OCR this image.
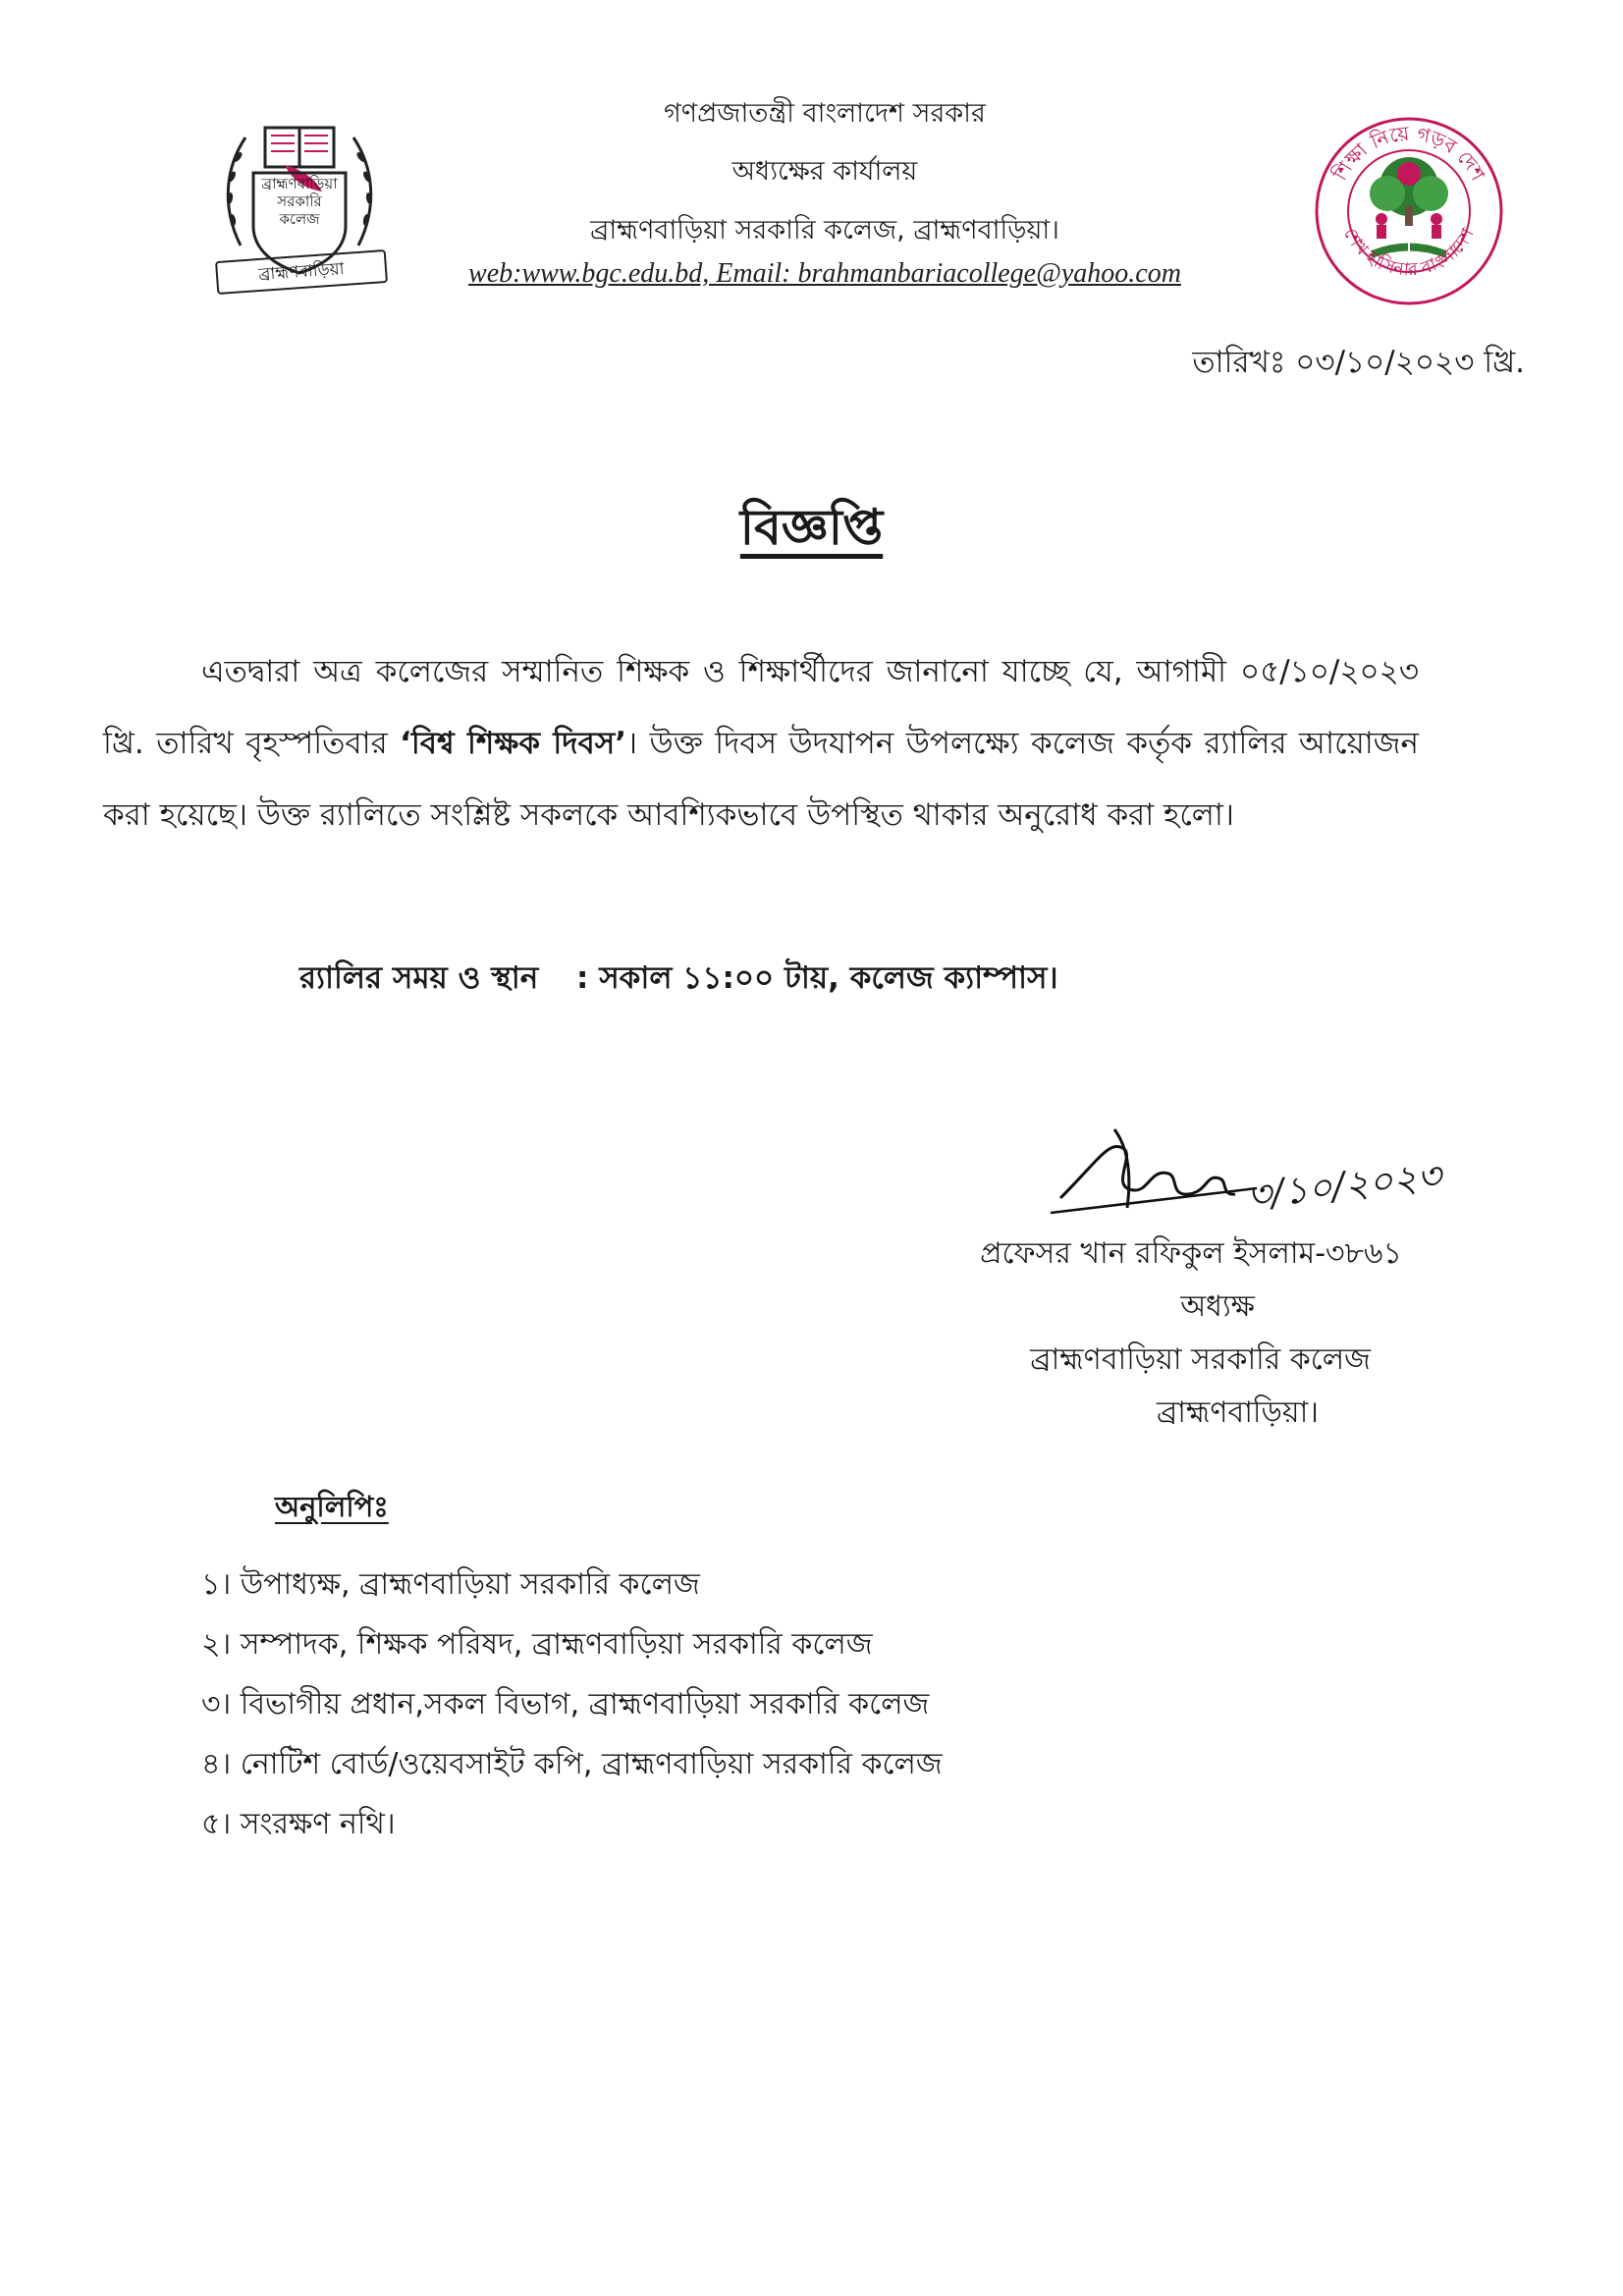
ব্রাহ্মণবাড়িয়া
সরকারি
কলেজ
ব্রাহ্মণবাড়িয়া
শিক্ষা নিয়ে গড়ব দেশ
শেখ হাসিনার বাংলাদেশ
গণপ্রজাতন্ত্রী বাংলাদেশ সরকার
অধ্যক্ষের কার্যালয়
ব্রাহ্মণবাড়িয়া সরকারি কলেজ, ব্রাহ্মণবাড়িয়া।
web:www.bgc.edu.bd, Email: brahmanbariacollege@yahoo.com
তারিখঃ ০৩/১০/২০২৩ খ্রি.
বিজ্ঞপ্তি
এতদ্বারা অত্র কলেজের সম্মানিত শিক্ষক ও শিক্ষার্থীদের জানানো যাচ্ছে যে, আগামী ০৫/১০/২০২৩ খ্রি. তারিখ বৃহস্পতিবার ‘বিশ্ব শিক্ষক দিবস’। উক্ত দিবস উদযাপন উপলক্ষ্যে কলেজ কর্তৃক র‍্যালির আয়োজন করা হয়েছে। উক্ত র‍্যালিতে সংশ্লিষ্ট সকলকে আবশ্যিকভাবে উপস্থিত থাকার অনুরোধ করা হলো।
র‍্যালির সময় ও স্থান : সকাল ১১:০০ টায়, কলেজ ক্যাম্পাস।
৩/১০/২০২৩
প্রফেসর খান রফিকুল ইসলাম-৩৮৬১
অধ্যক্ষ
ব্রাহ্মণবাড়িয়া সরকারি কলেজ
ব্রাহ্মণবাড়িয়া।
অনুলিপিঃ
১। উপাধ্যক্ষ, ব্রাহ্মণবাড়িয়া সরকারি কলেজ
২। সম্পাদক, শিক্ষক পরিষদ, ব্রাহ্মণবাড়িয়া সরকারি কলেজ
৩। বিভাগীয় প্রধান,সকল বিভাগ, ব্রাহ্মণবাড়িয়া সরকারি কলেজ
৪। নোটিশ বোর্ড/ওয়েবসাইট কপি, ব্রাহ্মণবাড়িয়া সরকারি কলেজ
৫। সংরক্ষণ নথি।
